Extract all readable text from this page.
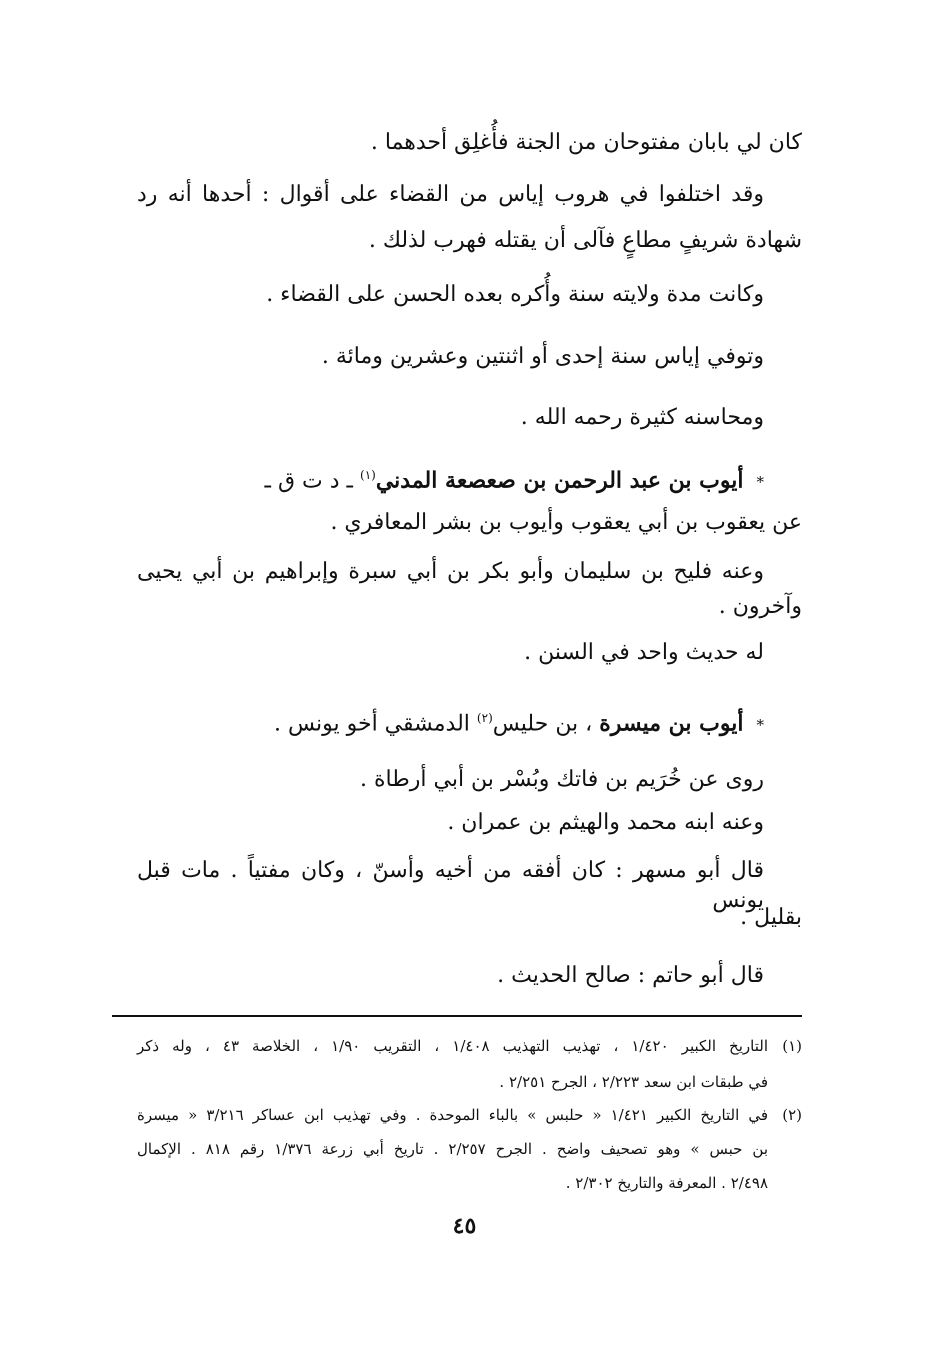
كان لي بابان مفتوحان من الجنة فأُغلِق أحدهما .
وقد اختلفوا في هروب إياس من القضاء على أقوال : أحدها أنه رد
شهادة شريفٍ مطاعٍ فآلى أن يقتله فهرب لذلك .
وكانت مدة ولايته سنة وأُكره بعده الحسن على القضاء .
وتوفي إياس سنة إحدى أو اثنتين وعشرين ومائة .
ومحاسنه كثيرة رحمه الله .
* أيوب بن عبد الرحمن بن صعصعة المدني$^{(١)}$ ـ د ت ق ـ
عن يعقوب بن أبي يعقوب وأيوب بن بشر المعافري .
وعنه فليح بن سليمان وأبو بكر بن أبي سبرة وإبراهيم بن أبي يحيى
وآخرون .
له حديث واحد في السنن .
* أيوب بن ميسرة ، بن حليس$^{(٢)}$ الدمشقي أخو يونس .
روى عن خُرَيم بن فاتك وبُسْر بن أبي أرطاة .
وعنه ابنه محمد والهيثم بن عمران .
قال أبو مسهر : كان أفقه من أخيه وأسنّ ، وكان مفتياً . مات قبل يونس
بقليل .
قال أبو حاتم : صالح الحديث .
(١)التاريخ الكبير ١/٤٢٠ ، تهذيب التهذيب ١/٤٠٨ ، التقريب ١/٩٠ ، الخلاصة ٤٣ ، وله ذكر
في طبقات ابن سعد ٢/٢٢٣ ، الجرح ٢/٢٥١ .
(٢)في التاريخ الكبير ١/٤٢١ « حلبس » بالباء الموحدة . وفي تهذيب ابن عساكر ٣/٢١٦ « ميسرة
بن حبس » وهو تصحيف واضح . الجرح ٢/٢٥٧ . تاريخ أبي زرعة ١/٣٧٦ رقم ٨١٨ . الإكمال
٢/٤٩٨ . المعرفة والتاريخ ٢/٣٠٢ .
٤٥
